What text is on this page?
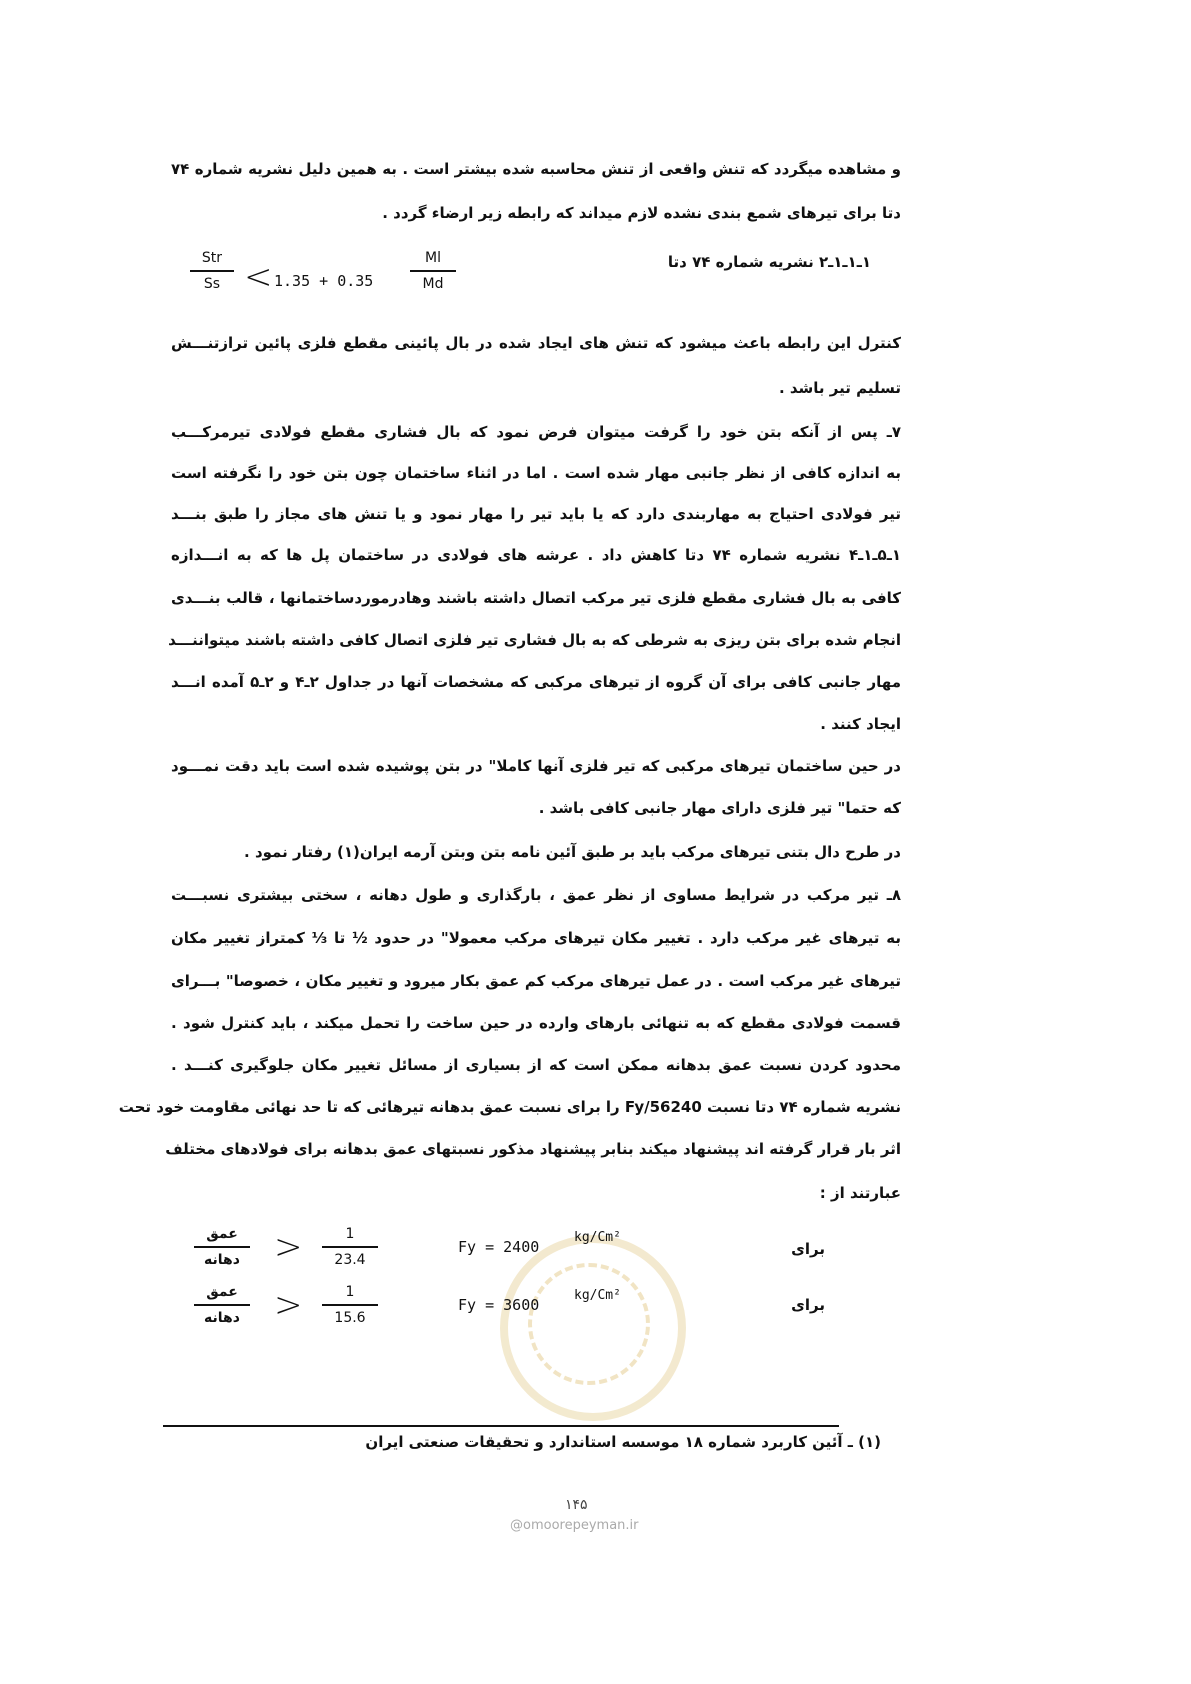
و مشاهده میگردد که تنش واقعی از تنش محاسبه شده بیشتر است . به همین دلیل نشریه شماره ۷۴
دتا برای تیرهای شمع بندی نشده لازم میداند که رابطه زیر ارضاء گردد .
۱ـ۱ـ۱ـ۲ نشریه شماره ۷۴ دتا
Str
Ss < 1.35 + 0.35
Ml
Md
کنترل این رابطه باعث میشود که تنش های ایجاد شده در بال پائینی مقطع فلزی پائین ترازتنـــش
تسلیم تیر باشد .
۷ـ پس از آنکه بتن خود را گرفت میتوان فرض نمود که بال فشاری مقطع فولادی تیرمرکـــب
به اندازه کافی از نظر جانبی مهار شده است . اما در اثناء ساختمان چون بتن خود را نگرفته است
تیر فولادی احتیاج به مهاربندی دارد که یا باید تیر را مهار نمود و یا تنش های مجاز را طبق بنـــد
۱ـ۵ـ۱ـ۴ نشریه شماره ۷۴ دتا کاهش داد . عرشه های فولادی در ساختمان پل ها که به انـــدازه
کافی به بال فشاری مقطع فلزی تیر مرکب اتصال داشته باشند وهادرموردساختمانها ، قالب بنـــدی
انجام شده برای بتن ریزی به شرطی که به بال فشاری تیر فلزی اتصال کافی داشته باشند میتواننـــد
مهار جانبی کافی برای آن گروه از تیرهای مرکبی که مشخصات آنها در جداول ۲ـ۴ و ۲ـ۵ آمده انـــد
ایجاد کنند .
در حین ساختمان تیرهای مرکبی که تیر فلزی آنها کاملا" در بتن پوشیده شده است باید دقت نمـــود
که حتما" تیر فلزی دارای مهار جانبی کافی باشد .
در طرح دال بتنی تیرهای مرکب باید بر طبق آئین نامه بتن وبتن آرمه ایران(۱) رفتار نمود .
۸ـ تیر مرکب در شرایط مساوی از نظر عمق ، بارگذاری و طول دهانه ، سختی بیشتری نسبـــت
به تیرهای غیر مرکب دارد . تغییر مکان تیرهای مرکب معمولا" در حدود ½ تا ⅓ کمتراز تغییر مکان
تیرهای غیر مرکب است . در عمل تیرهای مرکب کم عمق بکار میرود و تغییر مکان ، خصوصا" بـــرای
قسمت فولادی مقطع که به تنهائی بارهای وارده در حین ساخت را تحمل میکند ، باید کنترل شود .
محدود کردن نسبت عمق بدهانه ممکن است که از بسیاری از مسائل تغییر مکان جلوگیری کنـــد .
نشریه شماره ۷۴ دتا نسبت 56240/Fy را برای نسبت عمق بدهانه تیرهائی که تا حد نهائی مقاومت خود تحت
اثر بار قرار گرفته اند پیشنهاد میکند بنابر پیشنهاد مذکور نسبتهای عمق بدهانه برای فولادهای مختلف
عبارتند از :
برای
Fy = 2400
kg/Cm²
عمق
دهانه >	1
23.4
برای
Fy = 3600
kg/Cm²
عمق
دهانه >	1
15.6
(۱) ـ آئین کاربرد شماره ۱۸ موسسه استاندارد و تحقیقات صنعتی ایران
۱۴۵
@omoorepeyman.ir
